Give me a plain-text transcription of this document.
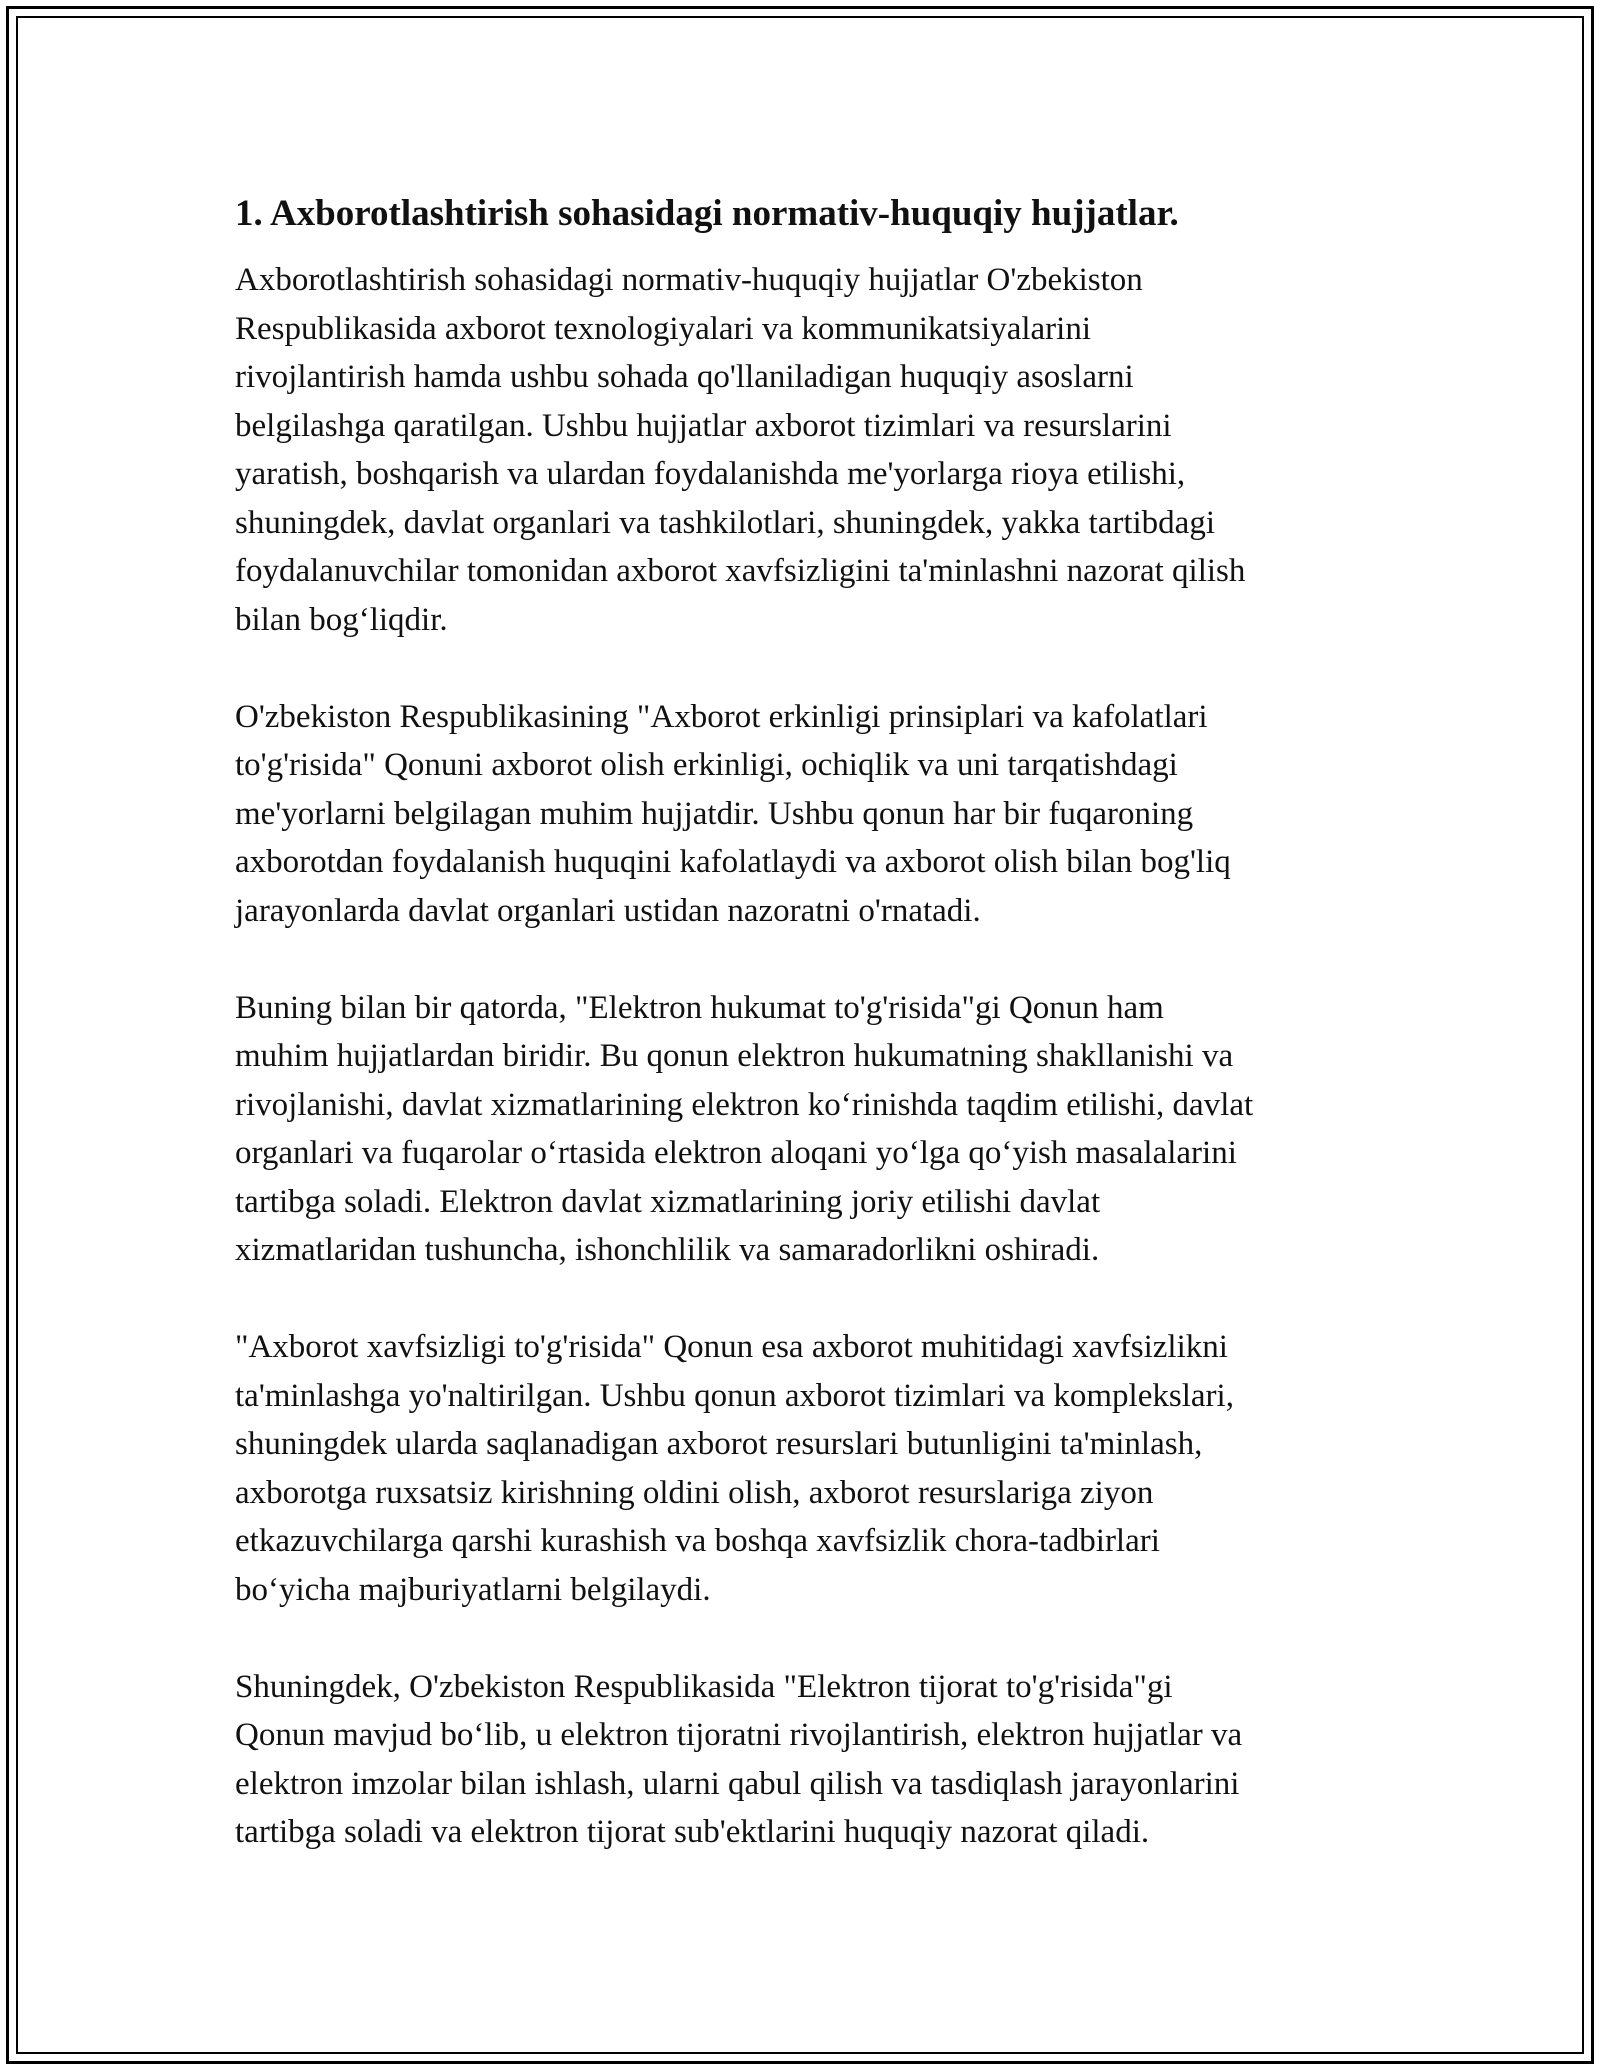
1. Axborotlashtirish sohasidagi normativ-huquqiy hujjatlar.

Axborotlashtirish sohasidagi normativ-huquqiy hujjatlar O'zbekiston
Respublikasida axborot texnologiyalari va kommunikatsiyalarini
rivojlantirish hamda ushbu sohada qo'llaniladigan huquqiy asoslarni
belgilashga qaratilgan. Ushbu hujjatlar axborot tizimlari va resurslarini
yaratish, boshqarish va ulardan foydalanishda me'yorlarga rioya etilishi,
shuningdek, davlat organlari va tashkilotlari, shuningdek, yakka tartibdagi
foydalanuvchilar tomonidan axborot xavfsizligini ta'minlashni nazorat qilish
bilan bog‘liqdir.

O'zbekiston Respublikasining "Axborot erkinligi prinsiplari va kafolatlari
to'g'risida" Qonuni axborot olish erkinligi, ochiqlik va uni tarqatishdagi
me'yorlarni belgilagan muhim hujjatdir. Ushbu qonun har bir fuqaroning
axborotdan foydalanish huquqini kafolatlaydi va axborot olish bilan bog'liq
jarayonlarda davlat organlari ustidan nazoratni o'rnatadi.

Buning bilan bir qatorda, "Elektron hukumat to'g'risida"gi Qonun ham
muhim hujjatlardan biridir. Bu qonun elektron hukumatning shakllanishi va
rivojlanishi, davlat xizmatlarining elektron ko‘rinishda taqdim etilishi, davlat
organlari va fuqarolar o‘rtasida elektron aloqani yo‘lga qo‘yish masalalarini
tartibga soladi. Elektron davlat xizmatlarining joriy etilishi davlat
xizmatlaridan tushuncha, ishonchlilik va samaradorlikni oshiradi.

"Axborot xavfsizligi to'g'risida" Qonun esa axborot muhitidagi xavfsizlikni
ta'minlashga yo'naltirilgan. Ushbu qonun axborot tizimlari va komplekslari,
shuningdek ularda saqlanadigan axborot resurslari butunligini ta'minlash,
axborotga ruxsatsiz kirishning oldini olish, axborot resurslariga ziyon
etkazuvchilarga qarshi kurashish va boshqa xavfsizlik chora-tadbirlari
bo‘yicha majburiyatlarni belgilaydi.

Shuningdek, O'zbekiston Respublikasida "Elektron tijorat to'g'risida"gi
Qonun mavjud bo‘lib, u elektron tijoratni rivojlantirish, elektron hujjatlar va
elektron imzolar bilan ishlash, ularni qabul qilish va tasdiqlash jarayonlarini
tartibga soladi va elektron tijorat sub'ektlarini huquqiy nazorat qiladi.
